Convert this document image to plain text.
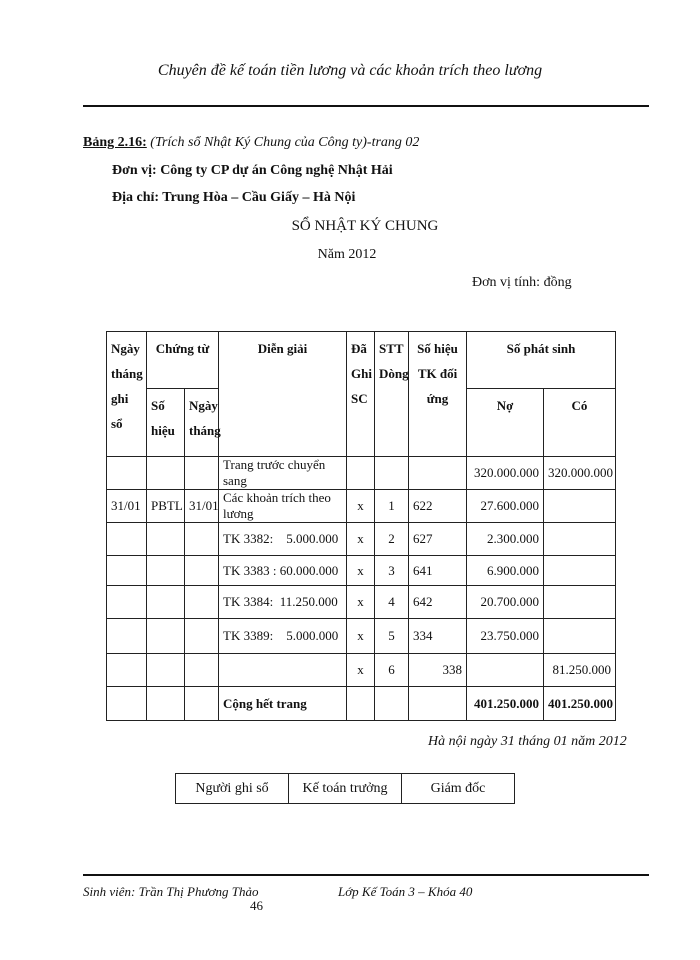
Chuyên đề kế toán tiền lương và các khoản trích theo lương
Bảng 2.16: (Trích sổ Nhật Ký Chung của Công ty)-trang 02
Đơn vị: Công ty CP dự án Công nghệ Nhật Hải
Địa chỉ: Trung Hòa – Cầu Giấy – Hà Nội
SỔ NHẬT KÝ CHUNG
Năm 2012
Đơn vị tính: đồng
Ngày tháng ghi sổ	Chứng từ		Diễn giải	Đã Ghi SC	STT Dòng	Số hiệu TK đối ứng	Số phát sinh	
	Số hiệu	Ngày tháng					Nợ	Có
			Trang trước chuyển sang				320.000.000	320.000.000
31/01	PBTL	31/01	Các khoản trích theo lương	x	1	622	27.600.000	
			TK 3382:    5.000.000	x	2	627	2.300.000	
			TK 3383 : 60.000.000	x	3	641	6.900.000	
			TK 3384:  11.250.000	x	4	642	20.700.000	
			TK 3389:    5.000.000	x	5	334	23.750.000	
				x	6	338		81.250.000
			Cộng hết trang				401.250.000	401.250.000
Hà nội ngày 31 tháng 01 năm 2012
Người ghi sổ	Kế toán trưởng	Giám đốc
Sinh viên: Trần Thị Phương Thảo	Lớp Kế Toán 3 – Khóa 40
46
